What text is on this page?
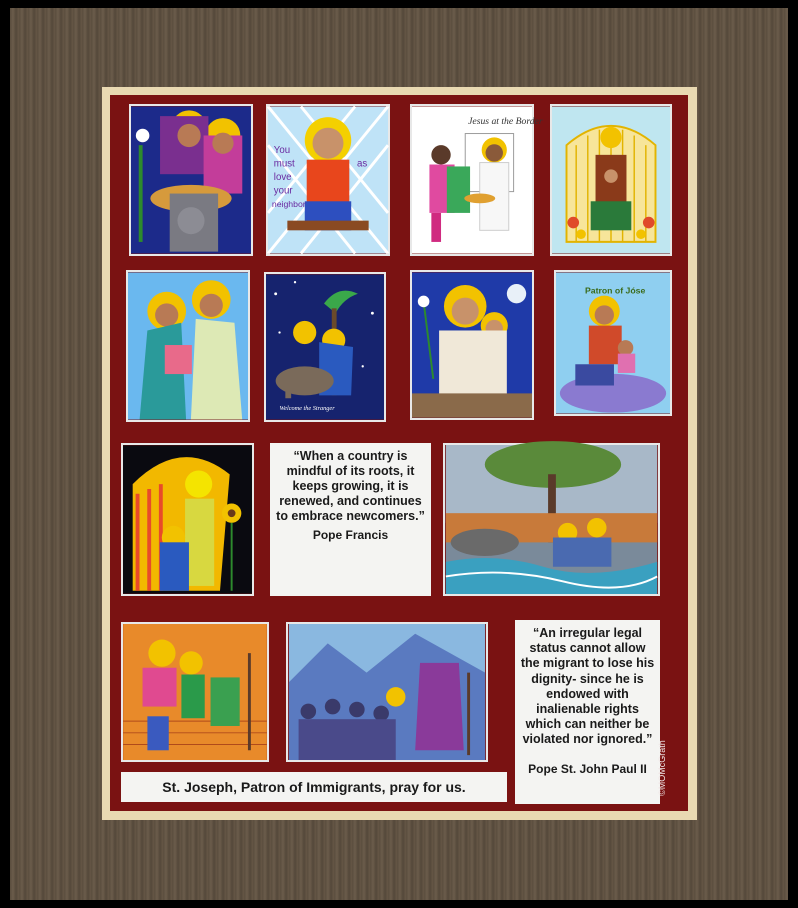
You
must
love
your
neighbor
as
Jesus at the Border
Welcome the Stranger
Patron of Jóse
“When a country is mindful of its roots, it keeps growing, it is renewed, and continues to embrace newcomers.”
Pope Francis
“An irregular legal status cannot allow the migrant to lose his dignity- since he is endowed with inalienable rights which can neither be violated nor ignored.”
Pope St. John Paul II
St. Joseph, Patron of Immigrants, pray for us.	©MOMcGrath
